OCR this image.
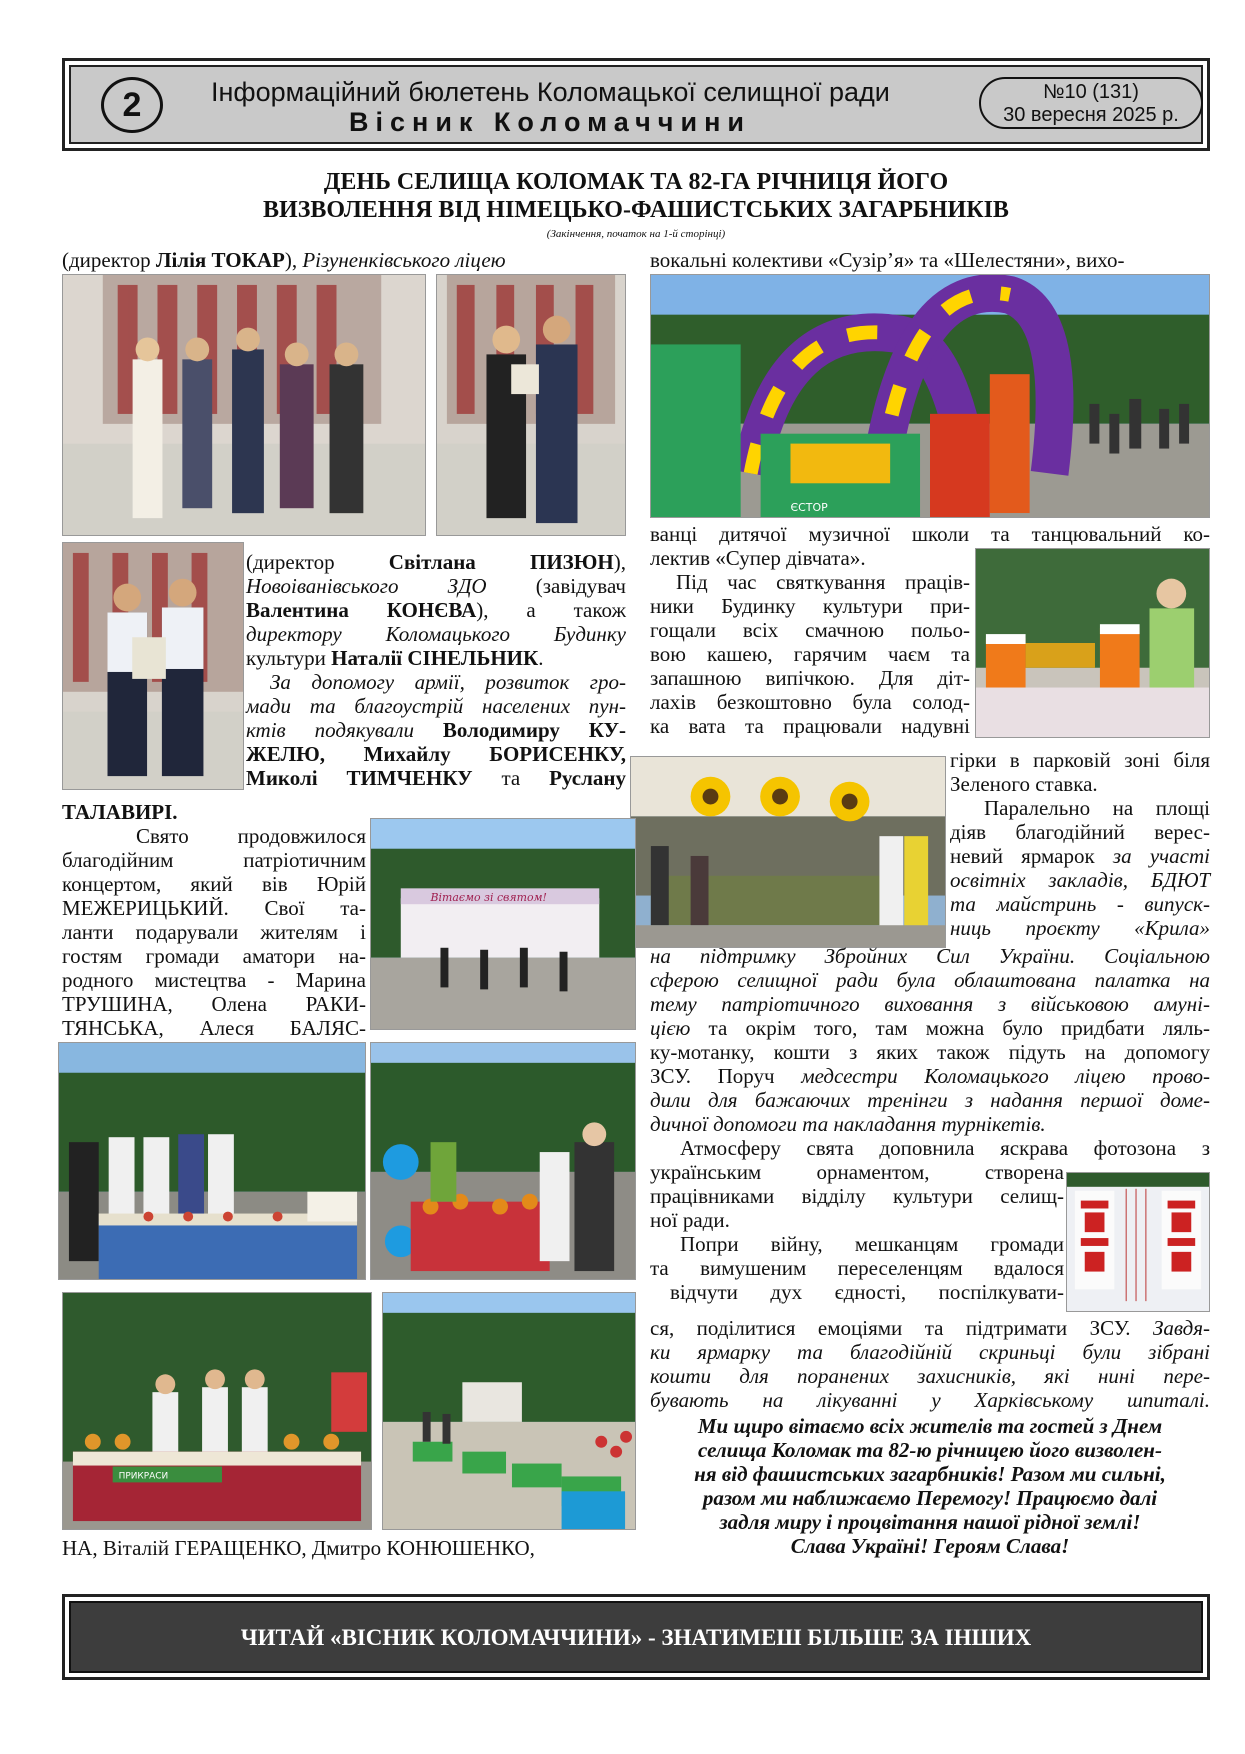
2	Інформаційний бюлетень Коломацької селищної ради
Вісник Коломаччини
№10 (131)
30 вересня 2025 р.
ДЕНЬ СЕЛИЩА КОЛОМАК ТА 82-ГА РІЧНИЦЯ ЙОГО
ВИЗВОЛЕННЯ ВІД НІМЕЦЬКО-ФАШИСТСЬКИХ ЗАГАРБНИКІВ
(Закінчення, початок на 1-й сторінці)
(директор Лілія ТОКАР), Різуненківського ліцею	вокальні колективи «Сузір’я» та «Шелестяни», вихо-
(директор Світлана ПИЗЮН),
Новоіванівського ЗДО (завідувач
Валентина КОНЄВА), а також
директору Коломацького Будинку
культури Наталії СІНЕЛЬНИК.
За допомогу армії, розвиток гро-
мади та благоустрій населених пун-
ктів подякували Володимиру КУ-
ЖЕЛЮ, Михайлу БОРИСЕНКУ,
Миколі ТИМЧЕНКУ та Руслану
ТАЛАВИРІ.
ЄСТОР
ванці дитячої музичної школи та танцювальний ко-
лектив «Супер дівчата».
Під час святкування праців-
ники Будинку культури при-
гощали всіх смачною польо-
вою кашею, гарячим чаєм та
запашною випічкою. Для діт-
лахів безкоштовно була солод-
ка вата та працювали надувні
гірки в парковій зоні біля
Зеленого ставка.
Паралельно на площі
діяв благодійний верес-
невий ярмарок за участі
освітніх закладів, БДЮТ
та майстринь - випуск-
ниць проєкту «Крила»
Вітаємо зі святом!
Свято продовжилося
благодійним патріотичним
концертом, який вів Юрій
МЕЖЕРИЦЬКИЙ. Свої та-
ланти подарували жителям і
гостям громади аматори на-
родного мистецтва - Марина
ТРУШИНА, Олена РАКИ-
ТЯНСЬКА, Алеся БАЛЯС-
на підтримку Збройних Сил України. Соціальною
сферою селищної ради була облаштована палатка на
тему патріотичного виховання з військовою амуні-
цією та окрім того, там можна було придбати ляль-
ку-мотанку, кошти з яких також підуть на допомогу
ЗСУ. Поруч медсестри Коломацького ліцею прово-
дили для бажаючих тренінги з надання першої доме-
дичної допомоги та накладання турнікетів.
Атмосферу свята доповнила яскрава фотозона з
українським орнаментом, створена
працівниками відділу культури селищ-
ної ради.
Попри війну, мешканцям громади
та вимушеним переселенцям вдалося
відчути дух єдності, поспілкувати-
ся, поділитися емоціями та підтримати ЗСУ. Завдя-
ки ярмарку та благодійній скриньці були зібрані
кошти для поранених захисників, які нині пере-
бувають на лікуванні у Харківському шпиталі.
Ми щиро вітаємо всіх жителів та гостей з Днем
селища Коломак та 82-ю річницею його визволен-
ня від фашистських загарбників! Разом ми сильні,
разом ми наближаємо Перемогу! Працюємо далі
задля миру і процвітання нашої рідної землі!
Слава Україні! Героям Слава!
ПРИКРАСИ
НА, Віталій ГЕРАЩЕНКО, Дмитро КОНЮШЕНКО,
ЧИТАЙ «ВІСНИК КОЛОМАЧЧИНИ» - ЗНАТИМЕШ БІЛЬШЕ ЗА ІНШИХ
